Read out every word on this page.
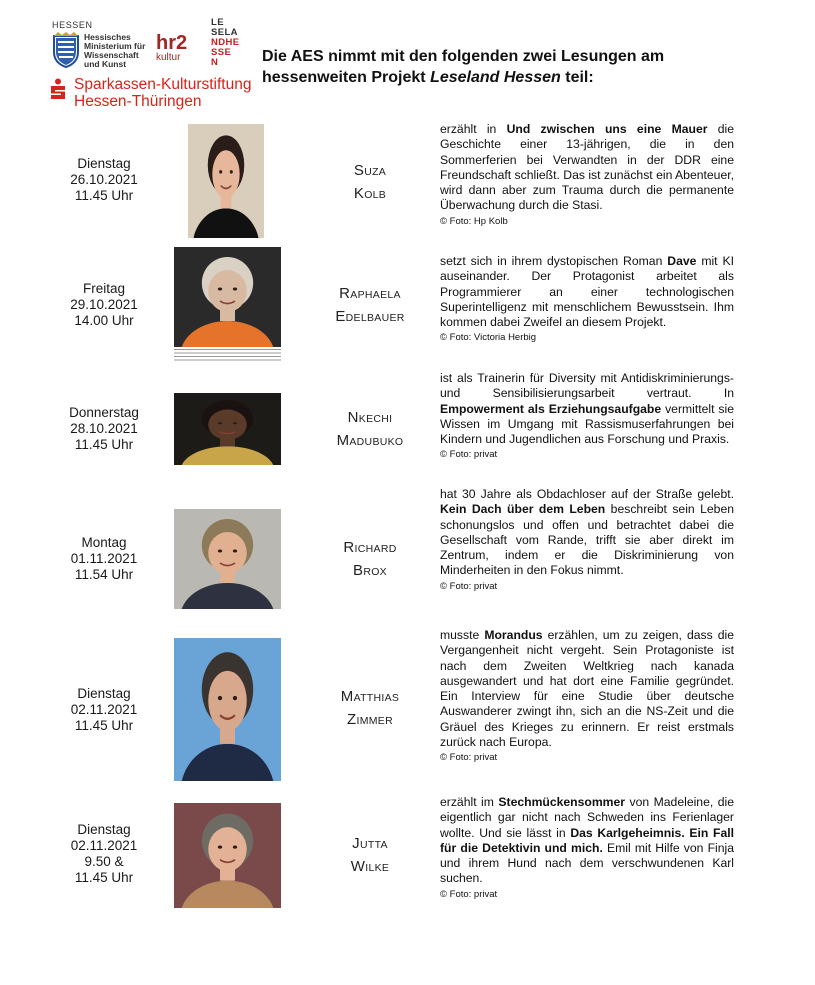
HESSEN
Hessisches
Ministerium für
Wissenschaft
und Kunst
hr2
kultur
LE
SELA
NDHE
SSE
N
Sparkassen-Kulturstiftung
Hessen-Thüringen
Die AES nimmt mit den folgenden zwei Lesungen am
hessenweiten Projekt Leseland Hessen teil:
Dienstag
26.10.2021
11.45 Uhr
SUZA
KOLB
erzählt in Und zwischen uns eine Mauer die Geschichte einer 13-jährigen, die in den Sommerferien bei Verwandten in der DDR eine Freundschaft schließt. Das ist zunächst ein Abenteuer, wird dann aber zum Trauma durch die permanente Überwachung durch die Stasi.
© Foto: Hp Kolb
Freitag
29.10.2021
14.00 Uhr
RAPHAELA
EDELBAUER
setzt sich in ihrem dystopischen Roman Dave mit KI auseinander. Der Protagonist arbeitet als Programmierer an einer technologischen Superintelligenz mit menschlichem Bewusstsein. Ihm kommen dabei Zweifel an diesem Projekt.
© Foto: Victoria Herbig
Donnerstag
28.10.2021
11.45 Uhr
NKECHI
MADUBUKO
ist als Trainerin für Diversity mit Antidiskriminierungs- und Sensibilisierungsarbeit vertraut. In Empowerment als Erziehungsaufgabe vermittelt sie Wissen im Umgang mit Rassismuserfahrungen bei Kindern und Jugendlichen aus Forschung und Praxis.
© Foto: privat
Montag
01.11.2021
11.54 Uhr
RICHARD
BROX
hat 30 Jahre als Obdachloser auf der Straße gelebt. Kein Dach über dem Leben beschreibt sein Leben schonungslos und offen und betrachtet dabei die Gesellschaft vom Rande, trifft sie aber direkt im Zentrum, indem er die Diskriminierung von Minderheiten in den Fokus nimmt.
© Foto: privat
Dienstag
02.11.2021
11.45 Uhr
MATTHIAS
ZIMMER
musste Morandus erzählen, um zu zeigen, dass die Vergangenheit nicht vergeht. Sein Protagoniste ist nach dem Zweiten Weltkrieg nach kanada ausgewandert und hat dort eine Familie gegründet. Ein Interview für eine Studie über deutsche Auswanderer zwingt ihn, sich an die NS-Zeit und die Gräuel des Krieges zu erinnern. Er reist erstmals zurück nach Europa.
© Foto: privat
Dienstag
02.11.2021
9.50 &
11.45 Uhr
JUTTA
WILKE
erzählt im Stechmückensommer von Madeleine, die eigentlich gar nicht nach Schweden ins Ferienlager wollte. Und sie lässt in Das Karlgeheimnis. Ein Fall für die Detektivin und mich. Emil mit Hilfe von Finja und ihrem Hund nach dem verschwundenen Karl suchen.
© Foto: privat
